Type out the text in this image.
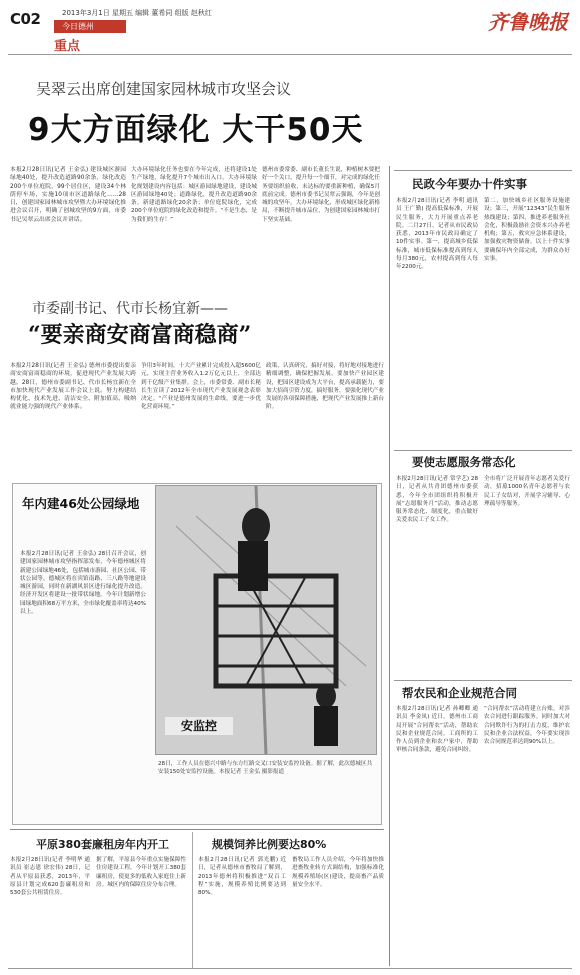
C02	2013年3月1日 星期五 编辑 董希同 组版 赵秋红
今日德州
重点
齐鲁晚报
吴翠云出席创建国家园林城市攻坚会议
9大方面绿化 大干50天
本报2月28日讯(记者 王金弘) 建设城区游园绿地40处，提升改造道路90余条，绿化改造200个单位庭院，99个居住区，建设34个林荫停车场，实施10项市区道路绿化……28日，创建国家园林城市攻坚暨大办环境绿化推进会议召开，明确了创城攻坚的9方面，市委书记吴翠云出席会议并讲话。
大办环境绿化任务也要在今年完成，还将建设1处生产绿地，绿化提升7个城市出入口。大办环境绿化规划建设内容包括：城区游园绿地建设，建设城区游园绿地40处；道路绿化，提升改造道路90余条，新建道路绿化20余条；单位庭院绿化，完成200个单位庭院的绿化改造和提升。“不是生态，是为我们的生存！”
德州市委常委、副市长董长生说，种植树木要把好一个关口，提升每一个细节，对完成的绿化任务要组织验收，未达标的要重新种植，确保5月底前完成。德州市委书记吴翠云强调，今年是创城的攻坚年，大办环境绿化，形成城区绿化新格局，不断提升城市品位，为创建国家园林城市打下坚实基础。
市委副书记、代市长杨宜新——
“要亲商安商富商稳商”
本报2月28日讯(记者 王金弘) 德州市委提出要亲商安商富商稳商的环境，促进现代产业发展大跨越。28日，德州市委副书记、代市长杨宜新在全市加快现代产业发展工作会议上说。努力构建结构优化、技术先进、清洁安全、附加值高、吸纳就业能力强的现代产业体系。
争用3年时间，十大产业累计完成投入超5600亿元，实现主营业务收入1.2万亿元以上，全部达到千亿级产业集群。会上，市委常委、副市长秘长生宣读了2012年全市现代产业发展观念表彰决定。“产业是德州发展的生命线，要进一步优化营商环境。”
政策，认真研究，搞好对接，将好地对接地进行精细调整，确保把握发展。要加快产业园区建设，把园区建设成为大平台，提高承载能力，要加大招商引资力度，搞好服务，要强化现代产业发展的各项保障措施，把现代产业发展推上新台阶。
年内建46处公园绿地
本报2月28日讯(记者 王金弘) 28日召开会议，创建国家园林城市攻坚指挥部发布，今年德州城区将新建公园绿地46处，包括城市游园、社区公园、带状公园等。德城区将在宾馆南路、三八路等地建设城区游园，同时在新湖风景区进行绿化提升改造。经济开发区将建设一批带状绿地。今年计划新增公园绿地面积68万平方米，全市绿化覆盖率将达40%以上。
安监控
28日，工作人员在德兴中路与东方红路交叉口安装安监控设备。据了解，此次德城区共安装150处安监控设施。本报记者 王金弘 摄影报道
平原380套廉租房年内开工
本报2月28日讯(记者 李明华 通讯员 崔志恩 徐宏伟) 28日，记者从平原县获悉，2013年，平原县计划完成620套廉租房和530套公共租赁住房。
据了解，平原县今年重点实施保障性住房建设工程，今年计划开工380套廉租房，使更多的低收入家庭住上新房。城区内的保障住房分布合理。
规模饲养比例要达80%
本报2月28日讯(记者 郭光鹏) 近日，记者从德州市畜牧局了解到，2013年德州将积极推进“双百工程”实施，规模养殖比例要达到80%。
畜牧局工作人员介绍，今年将加快推进畜牧业转方式调结构，加强标准化规模养殖场(区)建设，提高畜产品质量安全水平。
民政今年要办十件实事
本报2月28日讯(记者 李明 通讯员 王广勤) 提高低保标准，开展民生服务，大力开展重点养老院。二月27日，记者从市民政局获悉，2013年市民政局确定了10件实事。第一，提高城乡低保标准，城市低保标准提高到每人每月380元，农村提高到每人每年2200元。
第二，加快城乡社区服务设施建设；第三，开展“12343”民生服务热线建设；第四，推进养老服务社会化，积极鼓励社会资本兴办养老机构；第五，救灾应急体系建设，加强救灾物资储备。以上十件实事要确保年内全部完成，为群众办好实事。
要使志愿服务常态化
本报2月28日讯(记者 常学艺) 28日，记者从共青团德州市委获悉，今年全市团组织将积极开展“志愿服务月”活动，推动志愿服务常态化、制度化，重点做好关爱农民工子女工作。
全市将广泛开展青年志愿者关爱行动，招募1000名青年志愿者与农民工子女结对，开展学习辅导、心理疏导等服务。
帮农民和企业规范合同
本报2月28日讯(记者 孙卿卿 通讯员 李金凤) 近日，德州市工商局开展“合同帮农”活动，帮助农民和企业规范合同。工商所的工作人员到企业和农户家中，帮助审核合同条款，避免合同纠纷。
“合同帮农”活动将建立台账，对涉农合同进行跟踪服务。同时加大对合同欺诈行为的打击力度，维护农民和企业合法权益，今年要实现涉农合同规范率达到90%以上。
